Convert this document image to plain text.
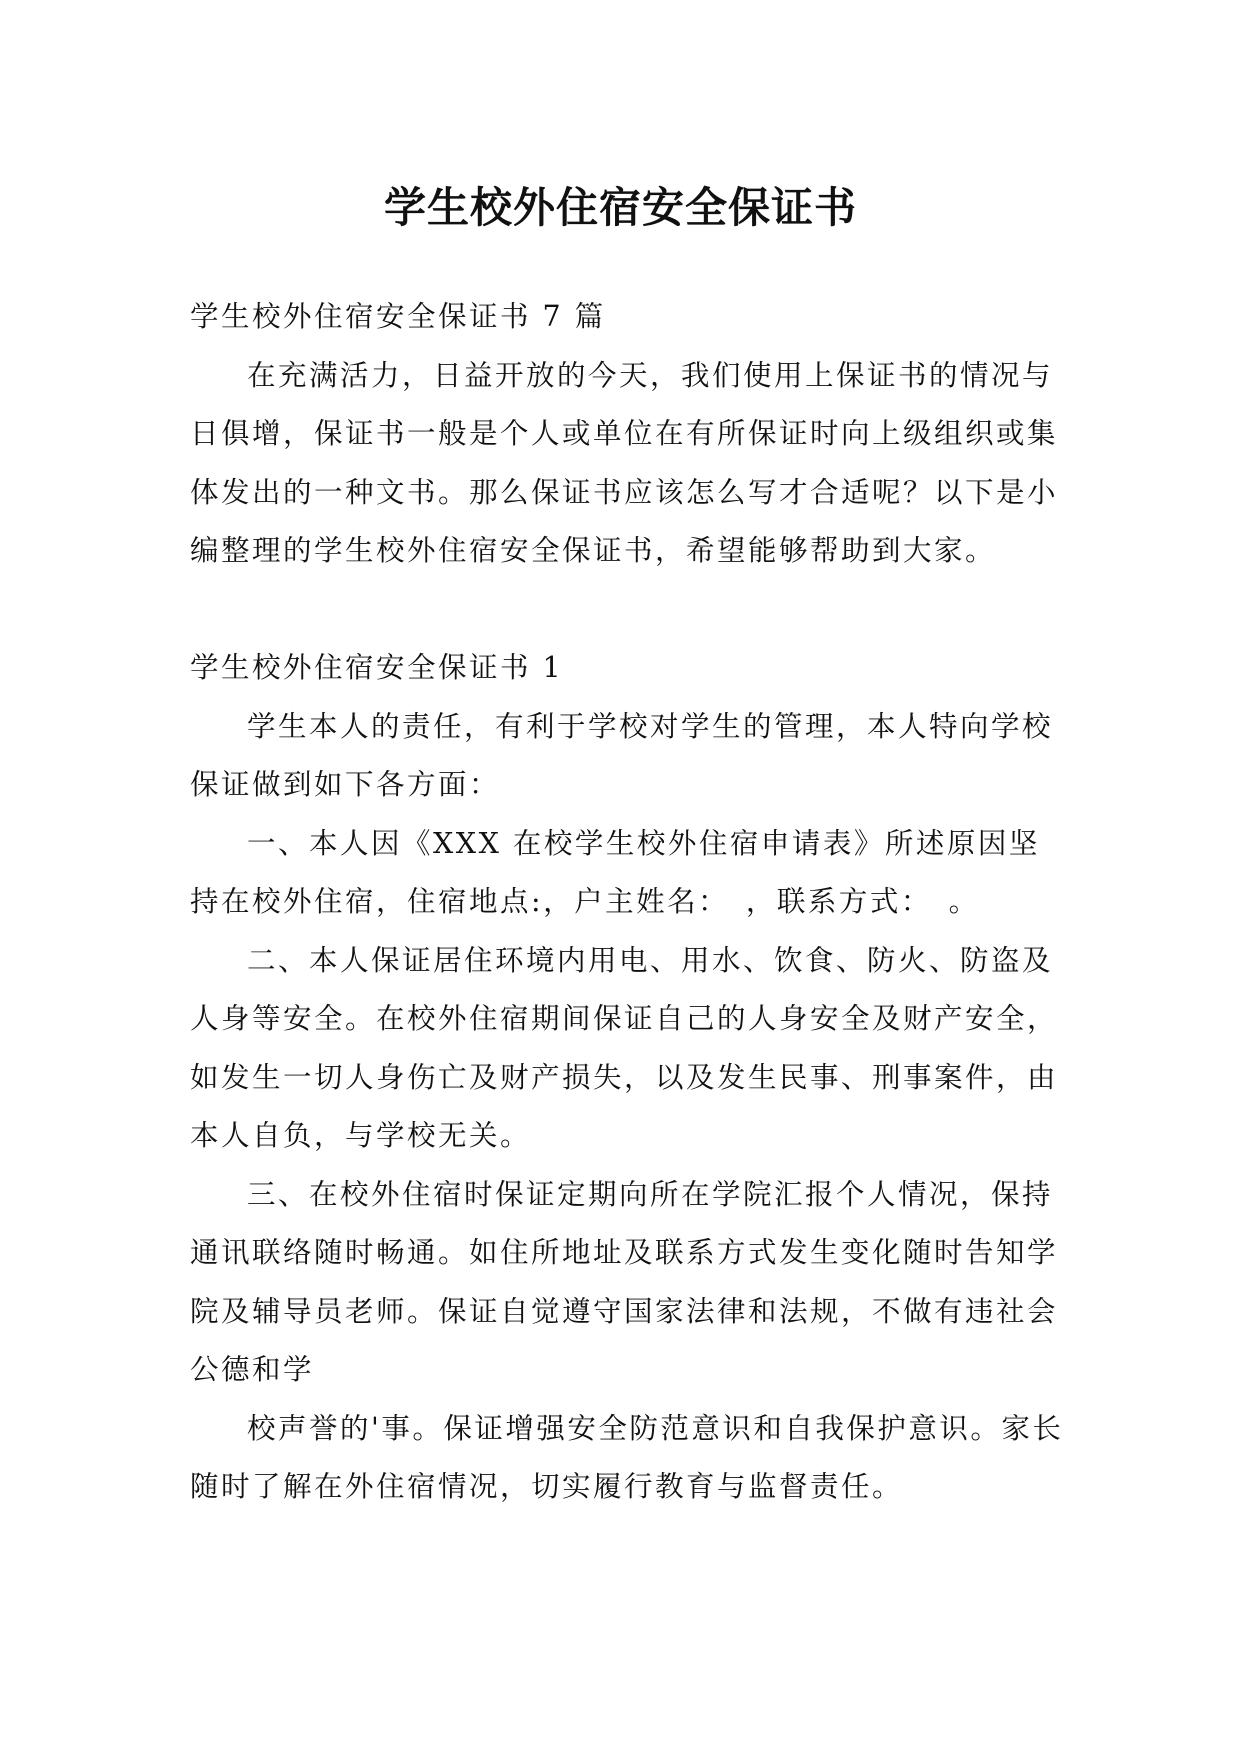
学生校外住宿安全保证书

学生校外住宿安全保证书 7 篇

在充满活力，日益开放的今天，我们使用上保证书的情况与日俱增，保证书一般是个人或单位在有所保证时向上级组织或集体发出的一种文书。那么保证书应该怎么写才合适呢？以下是小编整理的学生校外住宿安全保证书，希望能够帮助到大家。

学生校外住宿安全保证书 1

学生本人的责任，有利于学校对学生的管理，本人特向学校保证做到如下各方面：

一、本人因《XXX 在校学生校外住宿申请表》所述原因坚持在校外住宿，住宿地点:，户主姓名：　，联系方式：　。

二、本人保证居住环境内用电、用水、饮食、防火、防盗及人身等安全。在校外住宿期间保证自己的人身安全及财产安全，如发生一切人身伤亡及财产损失，以及发生民事、刑事案件，由本人自负，与学校无关。

三、在校外住宿时保证定期向所在学院汇报个人情况，保持通讯联络随时畅通。如住所地址及联系方式发生变化随时告知学院及辅导员老师。保证自觉遵守国家法律和法规，不做有违社会公德和学

校声誉的'事。保证增强安全防范意识和自我保护意识。家长随时了解在外住宿情况，切实履行教育与监督责任。
